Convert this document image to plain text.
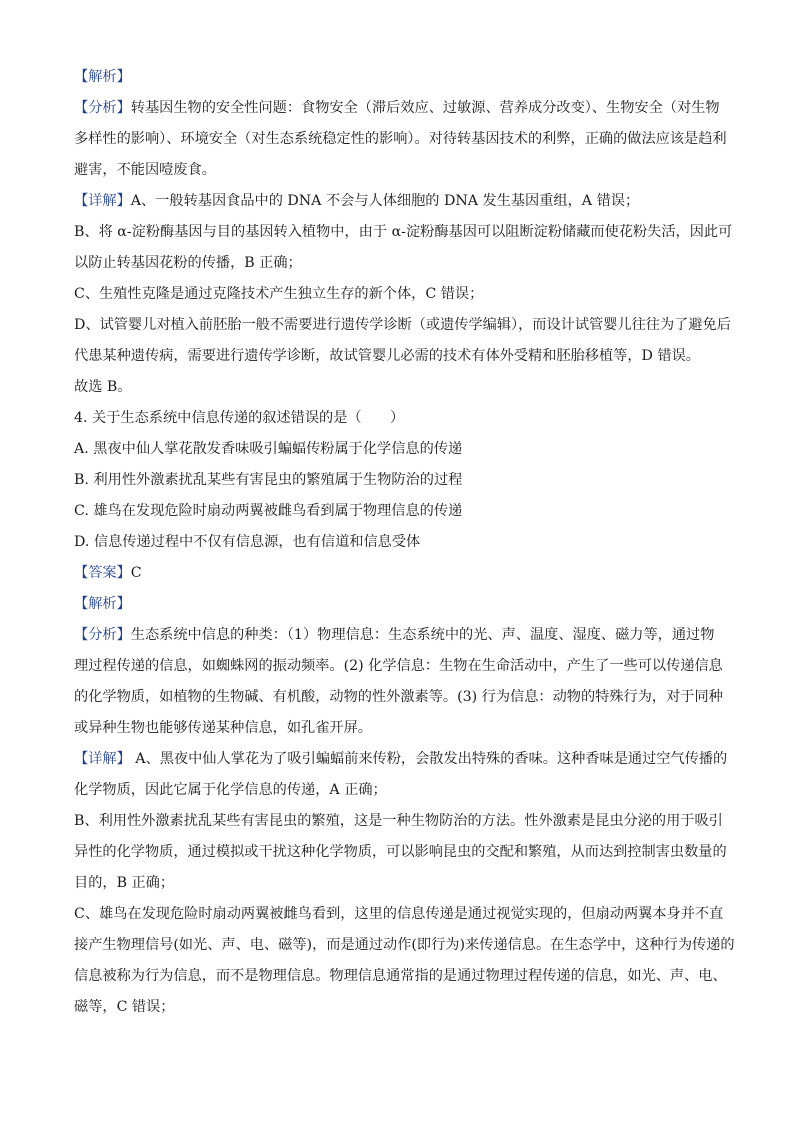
【解析】

【分析】转基因生物的安全性问题：食物安全（滞后效应、过敏源、营养成分改变）、生物安全（对生物

多样性的影响）、环境安全（对生态系统稳定性的影响）。对待转基因技术的利弊，正确的做法应该是趋利

避害，不能因噎废食。

【详解】A、一般转基因食品中的 DNA 不会与人体细胞的 DNA 发生基因重组，A 错误；

B、将 α-淀粉酶基因与目的基因转入植物中，由于 α-淀粉酶基因可以阻断淀粉储藏而使花粉失活，因此可

以防止转基因花粉的传播，B 正确；

C、生殖性克隆是通过克隆技术产生独立生存的新个体，C 错误；

D、试管婴儿对植入前胚胎一般不需要进行遗传学诊断（或遗传学编辑），而设计试管婴儿往往为了避免后

代患某种遗传病，需要进行遗传学诊断，故试管婴儿必需的技术有体外受精和胚胎移植等，D 错误。

故选 B。

4. 关于生态系统中信息传递的叙述错误的是（　　）

A. 黑夜中仙人掌花散发香味吸引蝙蝠传粉属于化学信息的传递

B. 利用性外激素扰乱某些有害昆虫的繁殖属于生物防治的过程

C. 雄鸟在发现危险时扇动两翼被雌鸟看到属于物理信息的传递

D. 信息传递过程中不仅有信息源，也有信道和信息受体

【答案】C

【解析】

【分析】生态系统中信息的种类：（1）物理信息：生态系统中的光、声、温度、湿度、磁力等，通过物

理过程传递的信息，如蜘蛛网的振动频率。(2) 化学信息：生物在生命活动中，产生了一些可以传递信息

的化学物质，如植物的生物碱、有机酸，动物的性外激素等。(3) 行为信息：动物的特殊行为，对于同种

或异种生物也能够传递某种信息，如孔雀开屏。

【详解】 A、黑夜中仙人掌花为了吸引蝙蝠前来传粉，会散发出特殊的香味。这种香味是通过空气传播的

化学物质，因此它属于化学信息的传递，A 正确；

B、利用性外激素扰乱某些有害昆虫的繁殖，这是一种生物防治的方法。性外激素是昆虫分泌的用于吸引

异性的化学物质，通过模拟或干扰这种化学物质，可以影响昆虫的交配和繁殖，从而达到控制害虫数量的

目的，B 正确；

C、雄鸟在发现危险时扇动两翼被雌鸟看到，这里的信息传递是通过视觉实现的，但扇动两翼本身并不直

接产生物理信号(如光、声、电、磁等)，而是通过动作(即行为)来传递信息。在生态学中，这种行为传递的

信息被称为行为信息，而不是物理信息。物理信息通常指的是通过物理过程传递的信息，如光、声、电、

磁等，C 错误；
